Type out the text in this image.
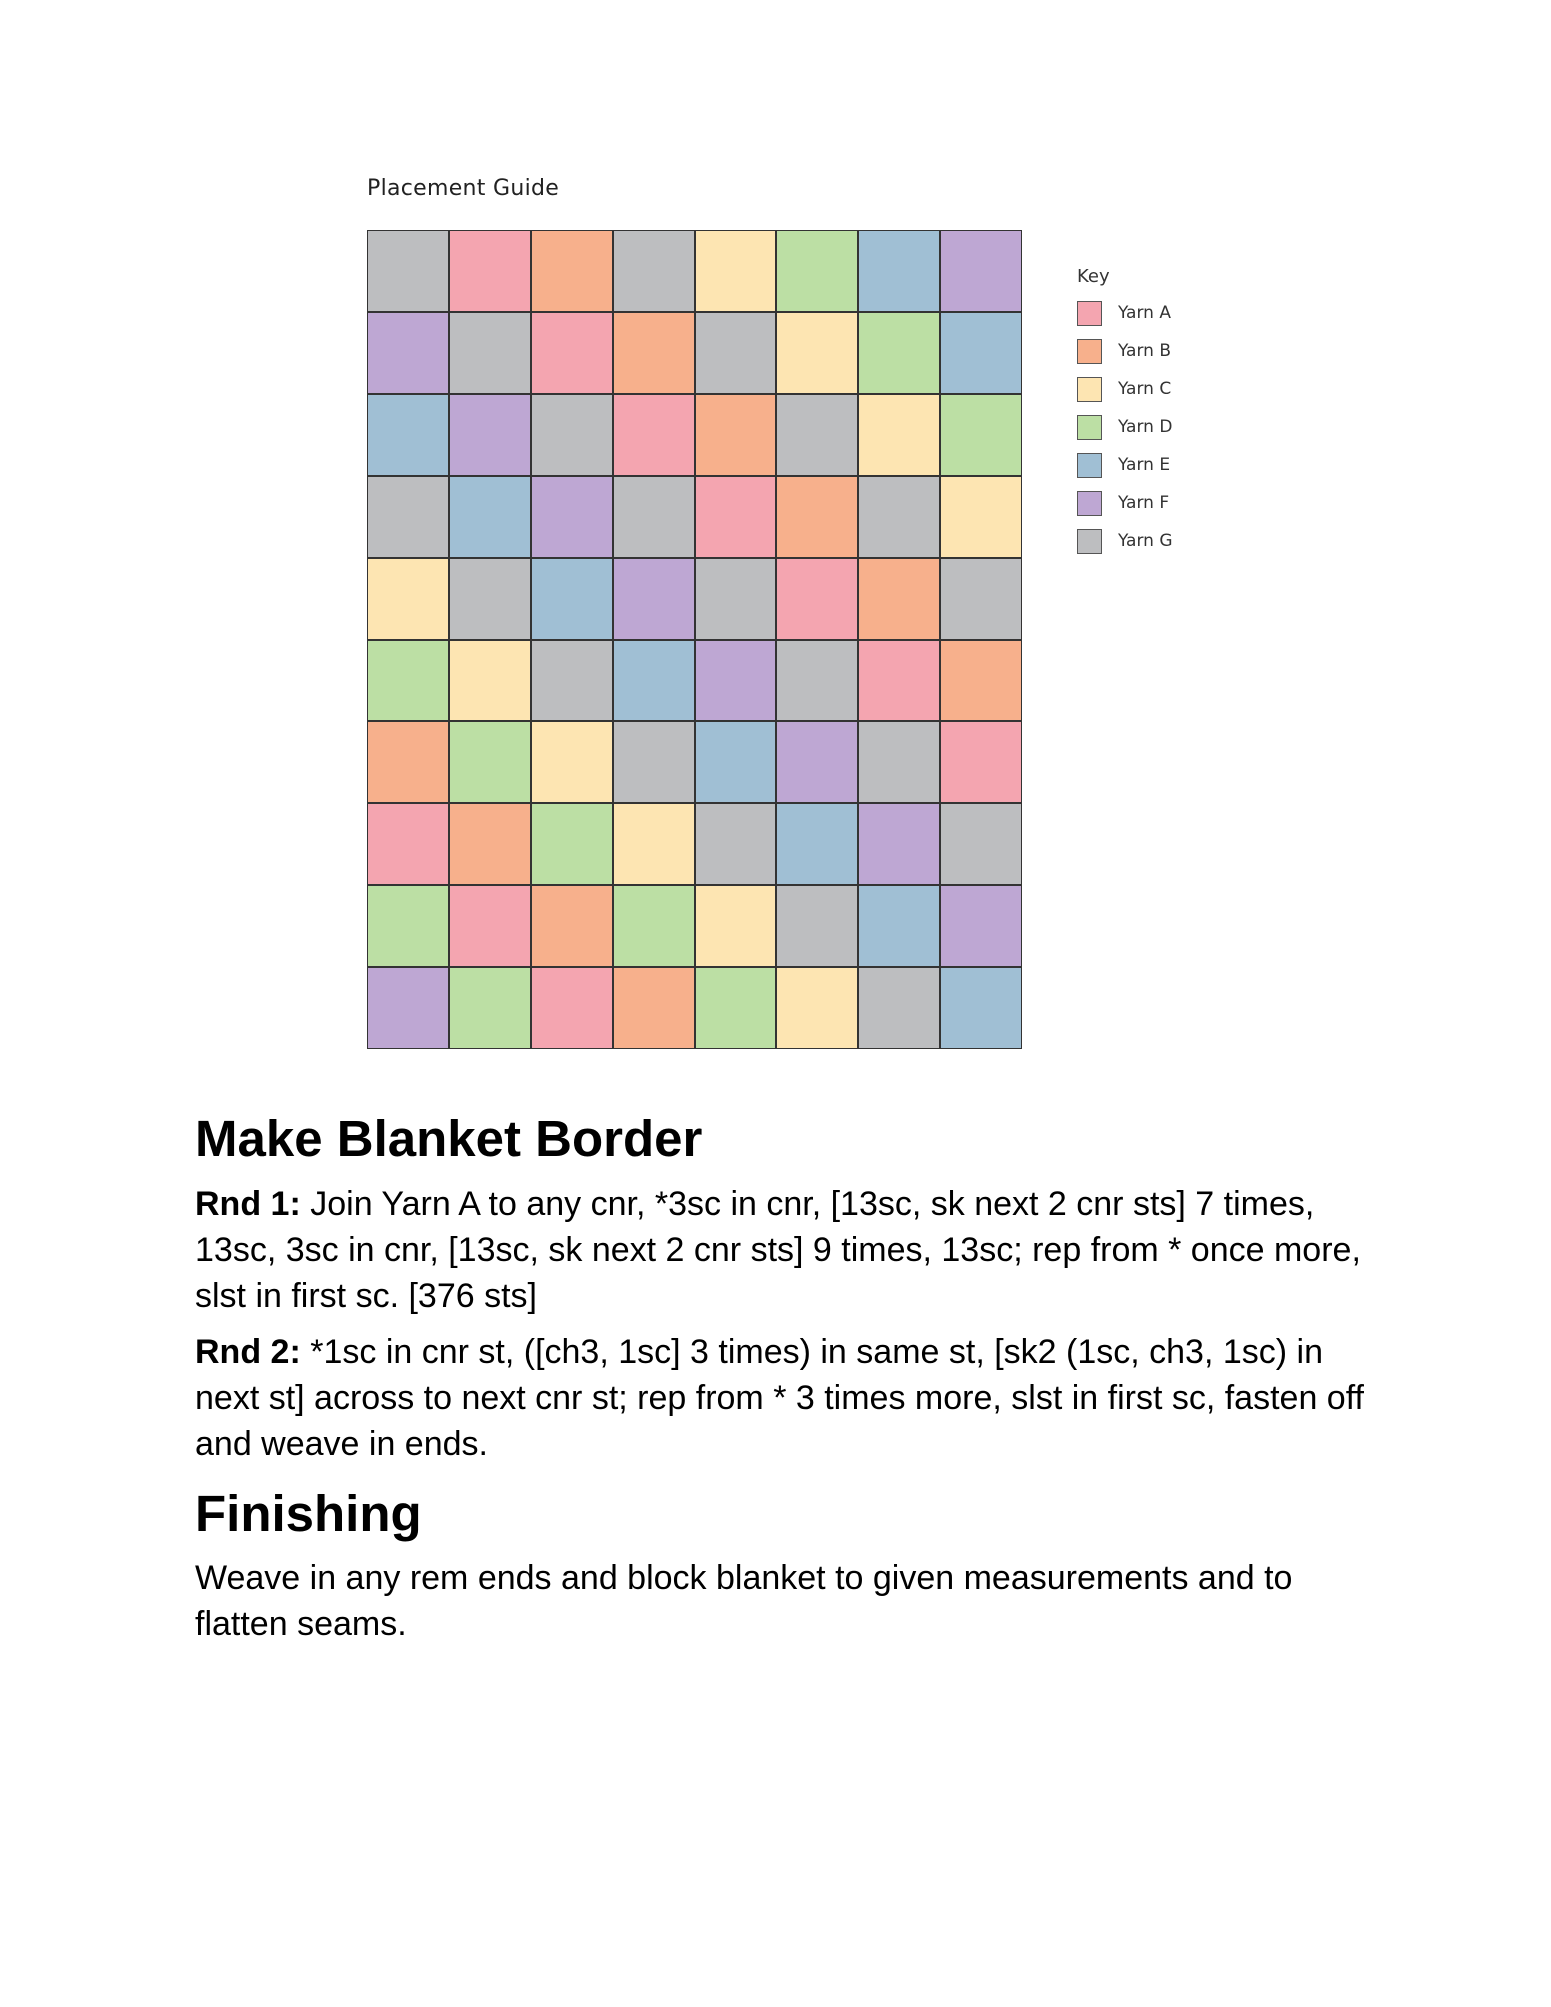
Placement Guide
Key
Yarn A
Yarn B
Yarn C
Yarn D
Yarn E
Yarn F
Yarn G
Make Blanket Border

Rnd 1: Join Yarn A to any cnr, *3sc in cnr, [13sc, sk next 2 cnr sts] 7 times, 13sc, 3sc in cnr, [13sc, sk next 2 cnr sts] 9 times, 13sc; rep from * once more, slst in first sc. [376 sts]

Rnd 2: *1sc in cnr st, ([ch3, 1sc] 3 times) in same st, [sk2 (1sc, ch3, 1sc) in next st] across to next cnr st; rep from * 3 times more, slst in first sc, fasten off and weave in ends.

Finishing

Weave in any rem ends and block blanket to given measurements and to flatten seams.
